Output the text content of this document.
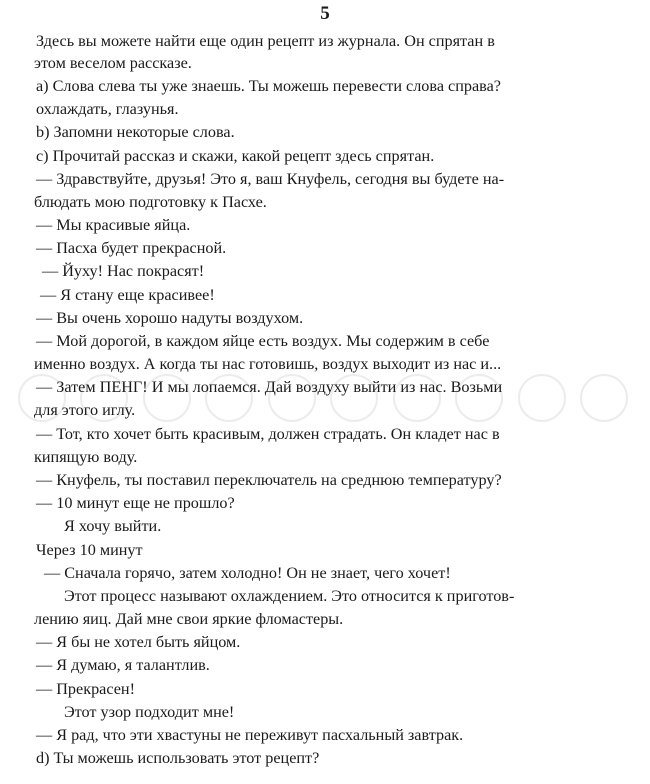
5
Здесь вы можете найти еще один рецепт из журнала. Он спрятан в
этом веселом рассказе.
a) Слова слева ты уже знаешь. Ты можешь перевести слова справа?
охлаждать, глазунья.
b) Запомни некоторые слова.
c) Прочитай рассказ и скажи, какой рецепт здесь спрятан.
— Здравствуйте, друзья! Это я, ваш Кнуфель, сегодня вы будете на-
блюдать мою подготовку к Пасхе.
— Мы красивые яйца.
— Пасха будет прекрасной.
— Йуху! Нас покрасят!
— Я стану еще красивее!
— Вы очень хорошо надуты воздухом.
— Мой дорогой, в каждом яйце есть воздух. Мы содержим в себе
именно воздух. А когда ты нас готовишь, воздух выходит из нас и...
— Затем ПЕНГ! И мы лопаемся. Дай воздуху выйти из нас. Возьми
для этого иглу.
— Тот, кто хочет быть красивым, должен страдать. Он кладет нас в
кипящую воду.
— Кнуфель, ты поставил переключатель на среднюю температуру?
— 10 минут еще не прошло?
Я хочу выйти.
Через 10 минут
— Сначала горячо, затем холодно! Он не знает, чего хочет!
Этот процесс называют охлаждением. Это относится к приготов-
лению яиц. Дай мне свои яркие фломастеры.
— Я бы не хотел быть яйцом.
— Я думаю, я талантлив.
— Прекрасен!
Этот узор подходит мне!
— Я рад, что эти хвастуны не переживут пасхальный завтрак.
d) Ты можешь использовать этот рецепт?
